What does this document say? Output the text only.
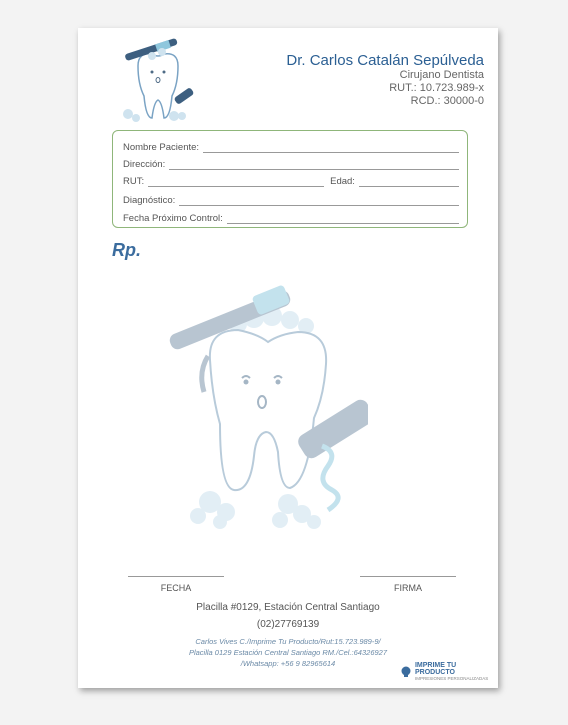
Dr. Carlos Catalán Sepúlveda
Cirujano Dentista
RUT.: 10.723.989-x
RCD.: 30000-0
Nombre Paciente:
Dirección:
RUT:	Edad:
Diagnóstico:
Fecha Próximo Control:
Rp.
FECHA	FIRMA
Placilla #0129, Estación Central Santiago
(02)27769139
Carlos Vives C./Imprime Tu Producto/Rut:15.723.989-9/
Placilla 0129 Estación Central Santiago RM./Cel.:64326927
/Whatsapp: +56 9 82965614	IMPRIME TU PRODUCTO
IMPRESIONES PERSONALIZADAS
